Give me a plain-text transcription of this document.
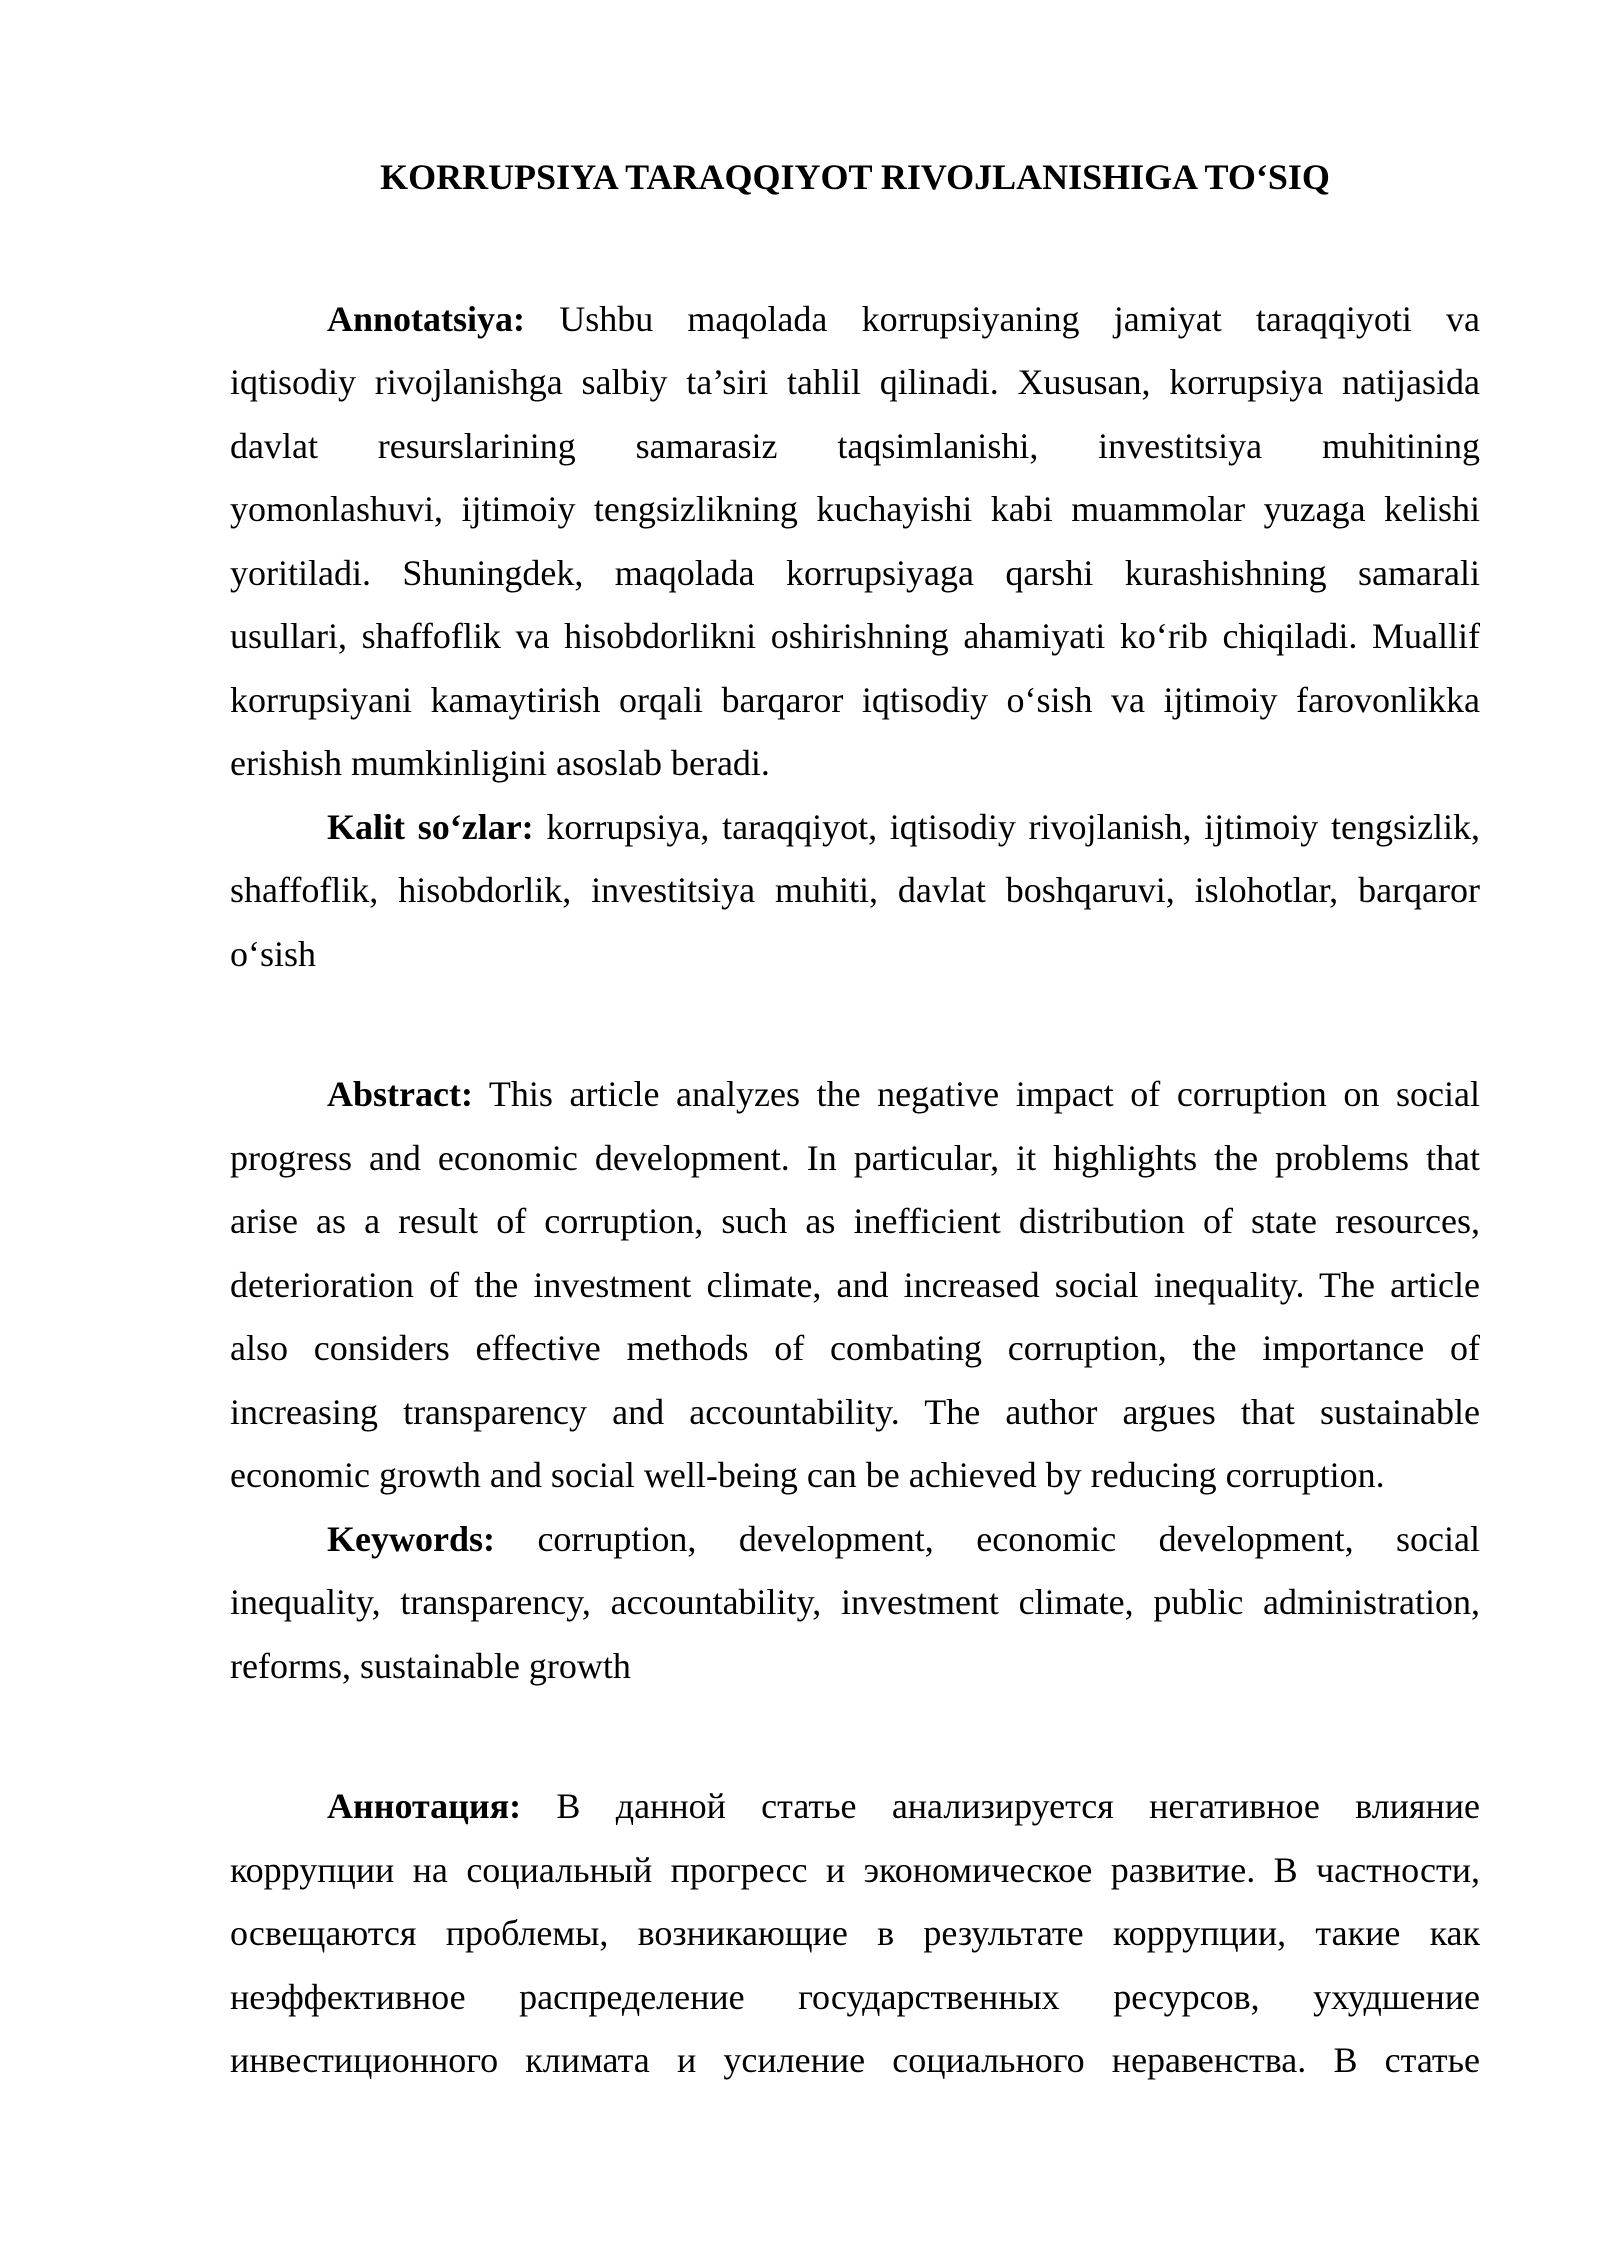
KORRUPSIYA TARAQQIYOT RIVOJLANISHIGA TO‘SIQ
Annotatsiya: Ushbu maqolada korrupsiyaning jamiyat taraqqiyoti va
iqtisodiy rivojlanishga salbiy ta’siri tahlil qilinadi. Xususan, korrupsiya natijasida
davlat resurslarining samarasiz taqsimlanishi, investitsiya muhitining
yomonlashuvi, ijtimoiy tengsizlikning kuchayishi kabi muammolar yuzaga kelishi
yoritiladi. Shuningdek, maqolada korrupsiyaga qarshi kurashishning samarali
usullari, shaffoflik va hisobdorlikni oshirishning ahamiyati ko‘rib chiqiladi. Muallif
korrupsiyani kamaytirish orqali barqaror iqtisodiy o‘sish va ijtimoiy farovonlikka
erishish mumkinligini asoslab beradi.
Kalit so‘zlar: korrupsiya, taraqqiyot, iqtisodiy rivojlanish, ijtimoiy tengsizlik,
shaffoflik, hisobdorlik, investitsiya muhiti, davlat boshqaruvi, islohotlar, barqaror
o‘sish
Abstract: This article analyzes the negative impact of corruption on social
progress and economic development. In particular, it highlights the problems that
arise as a result of corruption, such as inefficient distribution of state resources,
deterioration of the investment climate, and increased social inequality. The article
also considers effective methods of combating corruption, the importance of
increasing transparency and accountability. The author argues that sustainable
economic growth and social well-being can be achieved by reducing corruption.
Keywords: corruption, development, economic development, social
inequality, transparency, accountability, investment climate, public administration,
reforms, sustainable growth
Аннотация: В данной статье анализируется негативное влияние
коррупции на социальный прогресс и экономическое развитие. В частности,
освещаются проблемы, возникающие в результате коррупции, такие как
неэффективное распределение государственных ресурсов, ухудшение
инвестиционного климата и усиление социального неравенства. В статье
